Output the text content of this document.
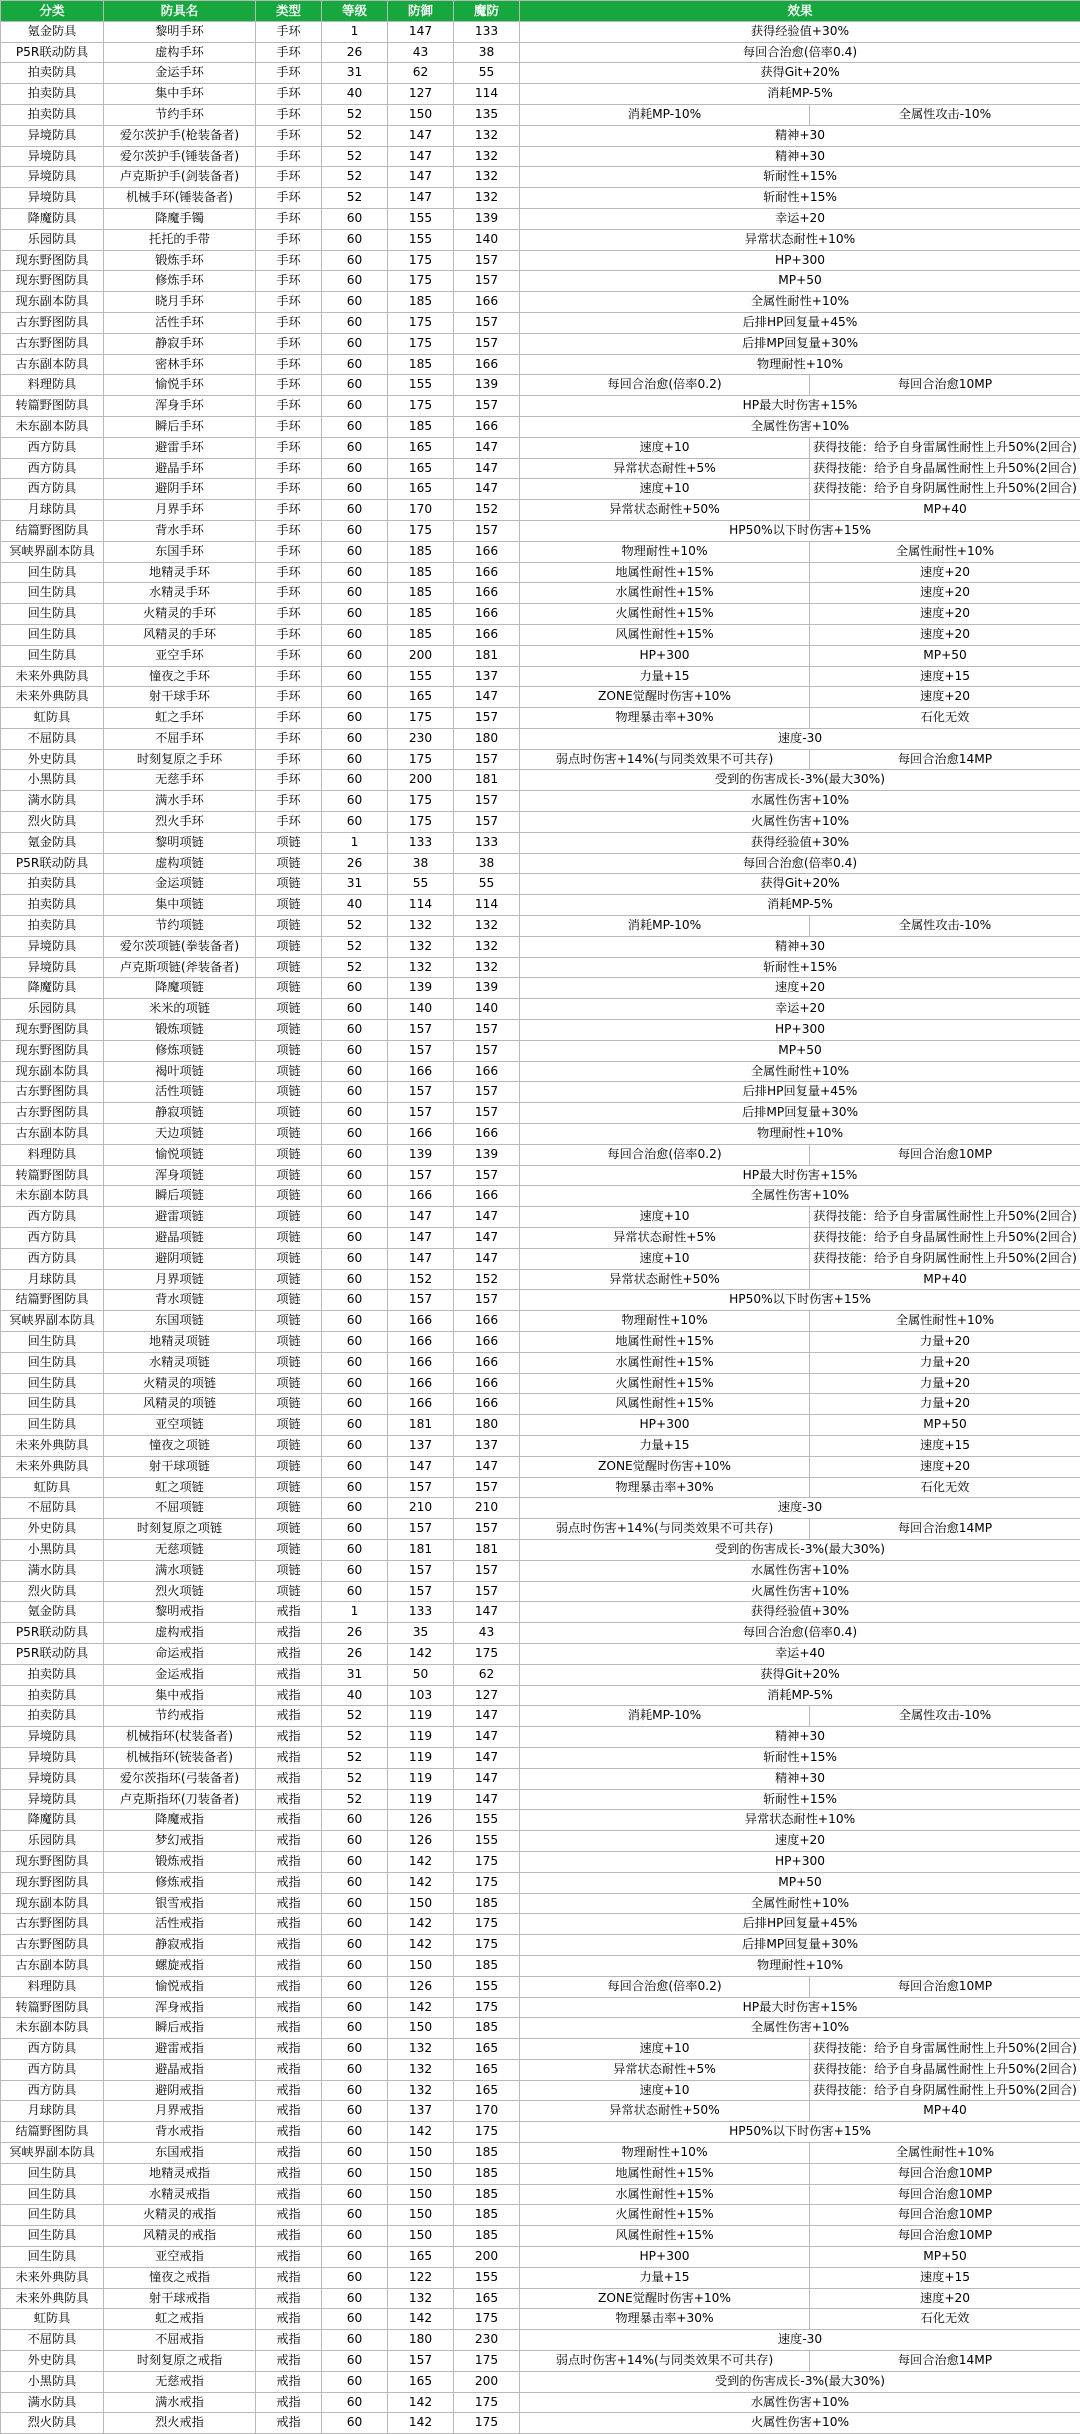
分类	防具名	类型	等级	防御	魔防	效果	
氪金防具	黎明手环	手环	1	147	133	获得经验值+30%	
P5R联动防具	虚构手环	手环	26	43	38	每回合治愈(倍率0.4)	
拍卖防具	金运手环	手环	31	62	55	获得Git+20%	
拍卖防具	集中手环	手环	40	127	114	消耗MP-5%	
拍卖防具	节约手环	手环	52	150	135	消耗MP-10%	全属性攻击-10%
异境防具	爱尔茨护手(枪装备者)	手环	52	147	132	精神+30	
异境防具	爱尔茨护手(锤装备者)	手环	52	147	132	精神+30	
异境防具	卢克斯护手(剑装备者)	手环	52	147	132	斩耐性+15%	
异境防具	机械手环(锤装备者)	手环	52	147	132	斩耐性+15%	
降魔防具	降魔手镯	手环	60	155	139	幸运+20	
乐园防具	托托的手带	手环	60	155	140	异常状态耐性+10%	
现东野图防具	锻炼手环	手环	60	175	157	HP+300	
现东野图防具	修炼手环	手环	60	175	157	MP+50	
现东副本防具	晓月手环	手环	60	185	166	全属性耐性+10%	
古东野图防具	活性手环	手环	60	175	157	后排HP回复量+45%	
古东野图防具	静寂手环	手环	60	175	157	后排MP回复量+30%	
古东副本防具	密林手环	手环	60	185	166	物理耐性+10%	
料理防具	愉悦手环	手环	60	155	139	每回合治愈(倍率0.2)	每回合治愈10MP
转篇野图防具	浑身手环	手环	60	175	157	HP最大时伤害+15%	
未东副本防具	瞬后手环	手环	60	185	166	全属性伤害+10%	
西方防具	避雷手环	手环	60	165	147	速度+10	获得技能：给予自身雷属性耐性上升50%(2回合)
西方防具	避晶手环	手环	60	165	147	异常状态耐性+5%	获得技能：给予自身晶属性耐性上升50%(2回合)
西方防具	避阴手环	手环	60	165	147	速度+10	获得技能：给予自身阴属性耐性上升50%(2回合)
月球防具	月界手环	手环	60	170	152	异常状态耐性+50%	MP+40
结篇野图防具	背水手环	手环	60	175	157	HP50%以下时伤害+15%	
冥峡界副本防具	东国手环	手环	60	185	166	物理耐性+10%	全属性耐性+10%
回生防具	地精灵手环	手环	60	185	166	地属性耐性+15%	速度+20
回生防具	水精灵手环	手环	60	185	166	水属性耐性+15%	速度+20
回生防具	火精灵的手环	手环	60	185	166	火属性耐性+15%	速度+20
回生防具	风精灵的手环	手环	60	185	166	风属性耐性+15%	速度+20
回生防具	亚空手环	手环	60	200	181	HP+300	MP+50
未来外典防具	憧夜之手环	手环	60	155	137	力量+15	速度+15
未来外典防具	射干球手环	手环	60	165	147	ZONE觉醒时伤害+10%	速度+20
虹防具	虹之手环	手环	60	175	157	物理暴击率+30%	石化无效
不屈防具	不屈手环	手环	60	230	180	速度-30	
外史防具	时刻复原之手环	手环	60	175	157	弱点时伤害+14%(与同类效果不可共存)	每回合治愈14MP
小黑防具	无慈手环	手环	60	200	181	受到的伤害成长-3%(最大30%)	
满水防具	满水手环	手环	60	175	157	水属性伤害+10%	
烈火防具	烈火手环	手环	60	175	157	火属性伤害+10%	
氪金防具	黎明项链	项链	1	133	133	获得经验值+30%	
P5R联动防具	虚构项链	项链	26	38	38	每回合治愈(倍率0.4)	
拍卖防具	金运项链	项链	31	55	55	获得Git+20%	
拍卖防具	集中项链	项链	40	114	114	消耗MP-5%	
拍卖防具	节约项链	项链	52	132	132	消耗MP-10%	全属性攻击-10%
异境防具	爱尔茨项链(拳装备者)	项链	52	132	132	精神+30	
异境防具	卢克斯项链(斧装备者)	项链	52	132	132	斩耐性+15%	
降魔防具	降魔项链	项链	60	139	139	速度+20	
乐园防具	米米的项链	项链	60	140	140	幸运+20	
现东野图防具	锻炼项链	项链	60	157	157	HP+300	
现东野图防具	修炼项链	项链	60	157	157	MP+50	
现东副本防具	褐叶项链	项链	60	166	166	全属性耐性+10%	
古东野图防具	活性项链	项链	60	157	157	后排HP回复量+45%	
古东野图防具	静寂项链	项链	60	157	157	后排MP回复量+30%	
古东副本防具	天边项链	项链	60	166	166	物理耐性+10%	
料理防具	愉悦项链	项链	60	139	139	每回合治愈(倍率0.2)	每回合治愈10MP
转篇野图防具	浑身项链	项链	60	157	157	HP最大时伤害+15%	
未东副本防具	瞬后项链	项链	60	166	166	全属性伤害+10%	
西方防具	避雷项链	项链	60	147	147	速度+10	获得技能：给予自身雷属性耐性上升50%(2回合)
西方防具	避晶项链	项链	60	147	147	异常状态耐性+5%	获得技能：给予自身晶属性耐性上升50%(2回合)
西方防具	避阴项链	项链	60	147	147	速度+10	获得技能：给予自身阴属性耐性上升50%(2回合)
月球防具	月界项链	项链	60	152	152	异常状态耐性+50%	MP+40
结篇野图防具	背水项链	项链	60	157	157	HP50%以下时伤害+15%	
冥峡界副本防具	东国项链	项链	60	166	166	物理耐性+10%	全属性耐性+10%
回生防具	地精灵项链	项链	60	166	166	地属性耐性+15%	力量+20
回生防具	水精灵项链	项链	60	166	166	水属性耐性+15%	力量+20
回生防具	火精灵的项链	项链	60	166	166	火属性耐性+15%	力量+20
回生防具	风精灵的项链	项链	60	166	166	风属性耐性+15%	力量+20
回生防具	亚空项链	项链	60	181	180	HP+300	MP+50
未来外典防具	憧夜之项链	项链	60	137	137	力量+15	速度+15
未来外典防具	射干球项链	项链	60	147	147	ZONE觉醒时伤害+10%	速度+20
虹防具	虹之项链	项链	60	157	157	物理暴击率+30%	石化无效
不屈防具	不屈项链	项链	60	210	210	速度-30	
外史防具	时刻复原之项链	项链	60	157	157	弱点时伤害+14%(与同类效果不可共存)	每回合治愈14MP
小黑防具	无慈项链	项链	60	181	181	受到的伤害成长-3%(最大30%)	
满水防具	满水项链	项链	60	157	157	水属性伤害+10%	
烈火防具	烈火项链	项链	60	157	157	火属性伤害+10%	
氪金防具	黎明戒指	戒指	1	133	147	获得经验值+30%	
P5R联动防具	虚构戒指	戒指	26	35	43	每回合治愈(倍率0.4)	
P5R联动防具	命运戒指	戒指	26	142	175	幸运+40	
拍卖防具	金运戒指	戒指	31	50	62	获得Git+20%	
拍卖防具	集中戒指	戒指	40	103	127	消耗MP-5%	
拍卖防具	节约戒指	戒指	52	119	147	消耗MP-10%	全属性攻击-10%
异境防具	机械指环(杖装备者)	戒指	52	119	147	精神+30	
异境防具	机械指环(铳装备者)	戒指	52	119	147	斩耐性+15%	
异境防具	爱尔茨指环(弓装备者)	戒指	52	119	147	精神+30	
异境防具	卢克斯指环(刀装备者)	戒指	52	119	147	斩耐性+15%	
降魔防具	降魔戒指	戒指	60	126	155	异常状态耐性+10%	
乐园防具	梦幻戒指	戒指	60	126	155	速度+20	
现东野图防具	锻炼戒指	戒指	60	142	175	HP+300	
现东野图防具	修炼戒指	戒指	60	142	175	MP+50	
现东副本防具	银雪戒指	戒指	60	150	185	全属性耐性+10%	
古东野图防具	活性戒指	戒指	60	142	175	后排HP回复量+45%	
古东野图防具	静寂戒指	戒指	60	142	175	后排MP回复量+30%	
古东副本防具	螺旋戒指	戒指	60	150	185	物理耐性+10%	
料理防具	愉悦戒指	戒指	60	126	155	每回合治愈(倍率0.2)	每回合治愈10MP
转篇野图防具	浑身戒指	戒指	60	142	175	HP最大时伤害+15%	
未东副本防具	瞬后戒指	戒指	60	150	185	全属性伤害+10%	
西方防具	避雷戒指	戒指	60	132	165	速度+10	获得技能：给予自身雷属性耐性上升50%(2回合)
西方防具	避晶戒指	戒指	60	132	165	异常状态耐性+5%	获得技能：给予自身晶属性耐性上升50%(2回合)
西方防具	避阴戒指	戒指	60	132	165	速度+10	获得技能：给予自身阴属性耐性上升50%(2回合)
月球防具	月界戒指	戒指	60	137	170	异常状态耐性+50%	MP+40
结篇野图防具	背水戒指	戒指	60	142	175	HP50%以下时伤害+15%	
冥峡界副本防具	东国戒指	戒指	60	150	185	物理耐性+10%	全属性耐性+10%
回生防具	地精灵戒指	戒指	60	150	185	地属性耐性+15%	每回合治愈10MP
回生防具	水精灵戒指	戒指	60	150	185	水属性耐性+15%	每回合治愈10MP
回生防具	火精灵的戒指	戒指	60	150	185	火属性耐性+15%	每回合治愈10MP
回生防具	风精灵的戒指	戒指	60	150	185	风属性耐性+15%	每回合治愈10MP
回生防具	亚空戒指	戒指	60	165	200	HP+300	MP+50
未来外典防具	憧夜之戒指	戒指	60	122	155	力量+15	速度+15
未来外典防具	射干球戒指	戒指	60	132	165	ZONE觉醒时伤害+10%	速度+20
虹防具	虹之戒指	戒指	60	142	175	物理暴击率+30%	石化无效
不屈防具	不屈戒指	戒指	60	180	230	速度-30	
外史防具	时刻复原之戒指	戒指	60	157	175	弱点时伤害+14%(与同类效果不可共存)	每回合治愈14MP
小黑防具	无慈戒指	戒指	60	165	200	受到的伤害成长-3%(最大30%)	
满水防具	满水戒指	戒指	60	142	175	水属性伤害+10%	
烈火防具	烈火戒指	戒指	60	142	175	火属性伤害+10%	
